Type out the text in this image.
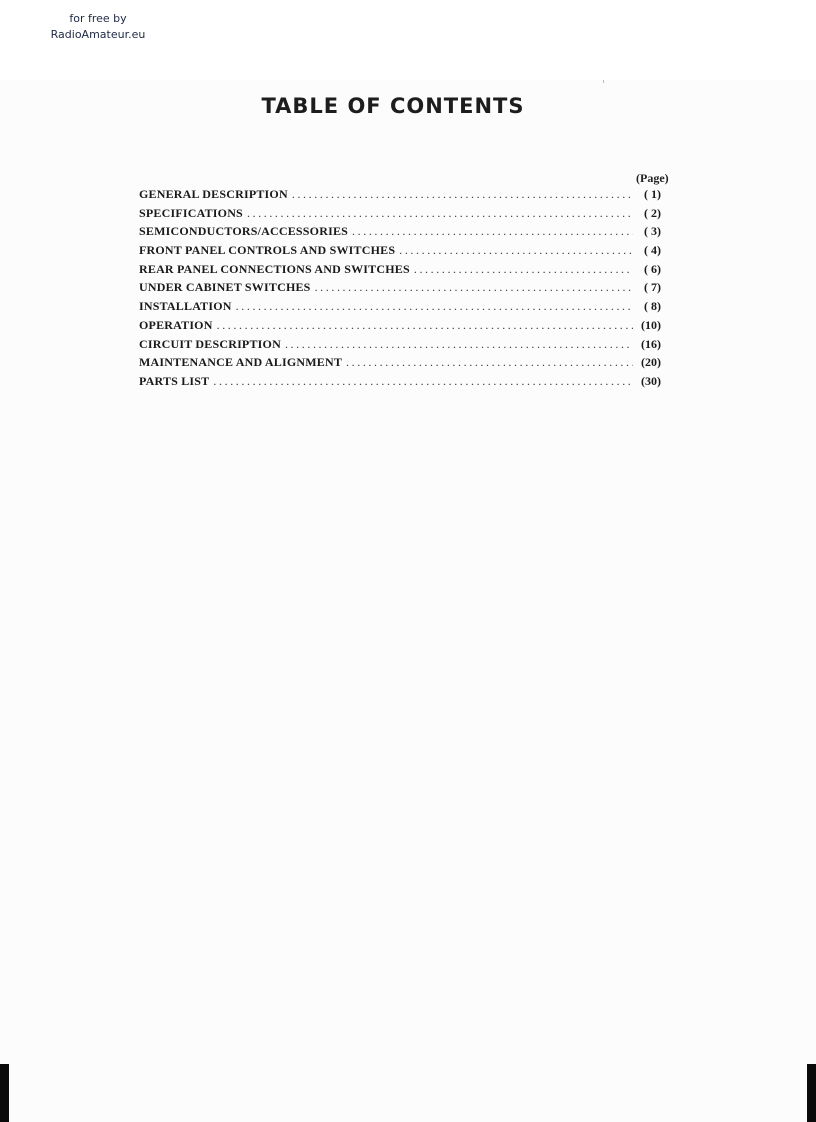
for free by
RadioAmateur.eu
TABLE OF CONTENTS
(Page)
GENERAL DESCRIPTION .....	( 1)
SPECIFICATIONS .....	( 2)
SEMICONDUCTORS/ACCESSORIES .....	( 3)
FRONT PANEL CONTROLS AND SWITCHES .....	( 4)
REAR PANEL CONNECTIONS AND SWITCHES .....	( 6)
UNDER CABINET SWITCHES .....	( 7)
INSTALLATION .....	( 8)
OPERATION .....	(10)
CIRCUIT DESCRIPTION .....	(16)
MAINTENANCE AND ALIGNMENT .....	(20)
PARTS LIST .....	(30)
